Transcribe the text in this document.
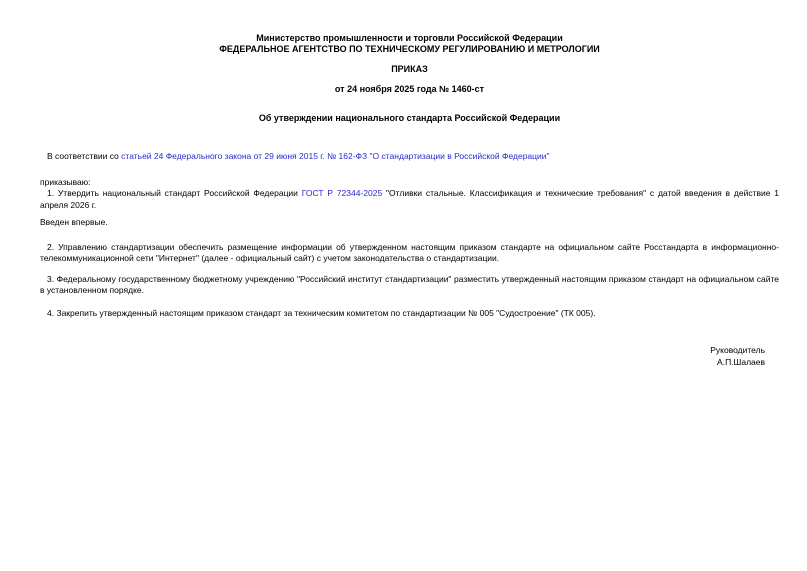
Министерство промышленности и торговли Российской Федерации
ФЕДЕРАЛЬНОЕ АГЕНТСТВО ПО ТЕХНИЧЕСКОМУ РЕГУЛИРОВАНИЮ И МЕТРОЛОГИИ
ПРИКАЗ
от 24 ноября 2025 года № 1460-ст
Об утверждении национального стандарта Российской Федерации

В соответствии со статьей 24 Федерального закона от 29 июня 2015 г. № 162-ФЗ "О стандартизации в Российской Федерации"

приказываю:

1. Утвердить национальный стандарт Российской Федерации ГОСТ Р 72344-2025 "Отливки стальные. Классификация и технические требования" с датой введения в действие 1 апреля 2026 г.

Введен впервые.

2. Управлению стандартизации обеспечить размещение информации об утвержденном настоящим приказом стандарте на официальном сайте Росстандарта в информационно-телекоммуникационной сети "Интернет" (далее - официальный сайт) с учетом законодательства о стандартизации.

3. Федеральному государственному бюджетному учреждению "Российский институт стандартизации" разместить утвержденный настоящим приказом стандарт на официальном сайте в установленном порядке.

4. Закрепить утвержденный настоящим приказом стандарт за техническим комитетом по стандартизации № 005 "Судостроение" (ТК 005).

Руководитель
А.П.Шалаев
